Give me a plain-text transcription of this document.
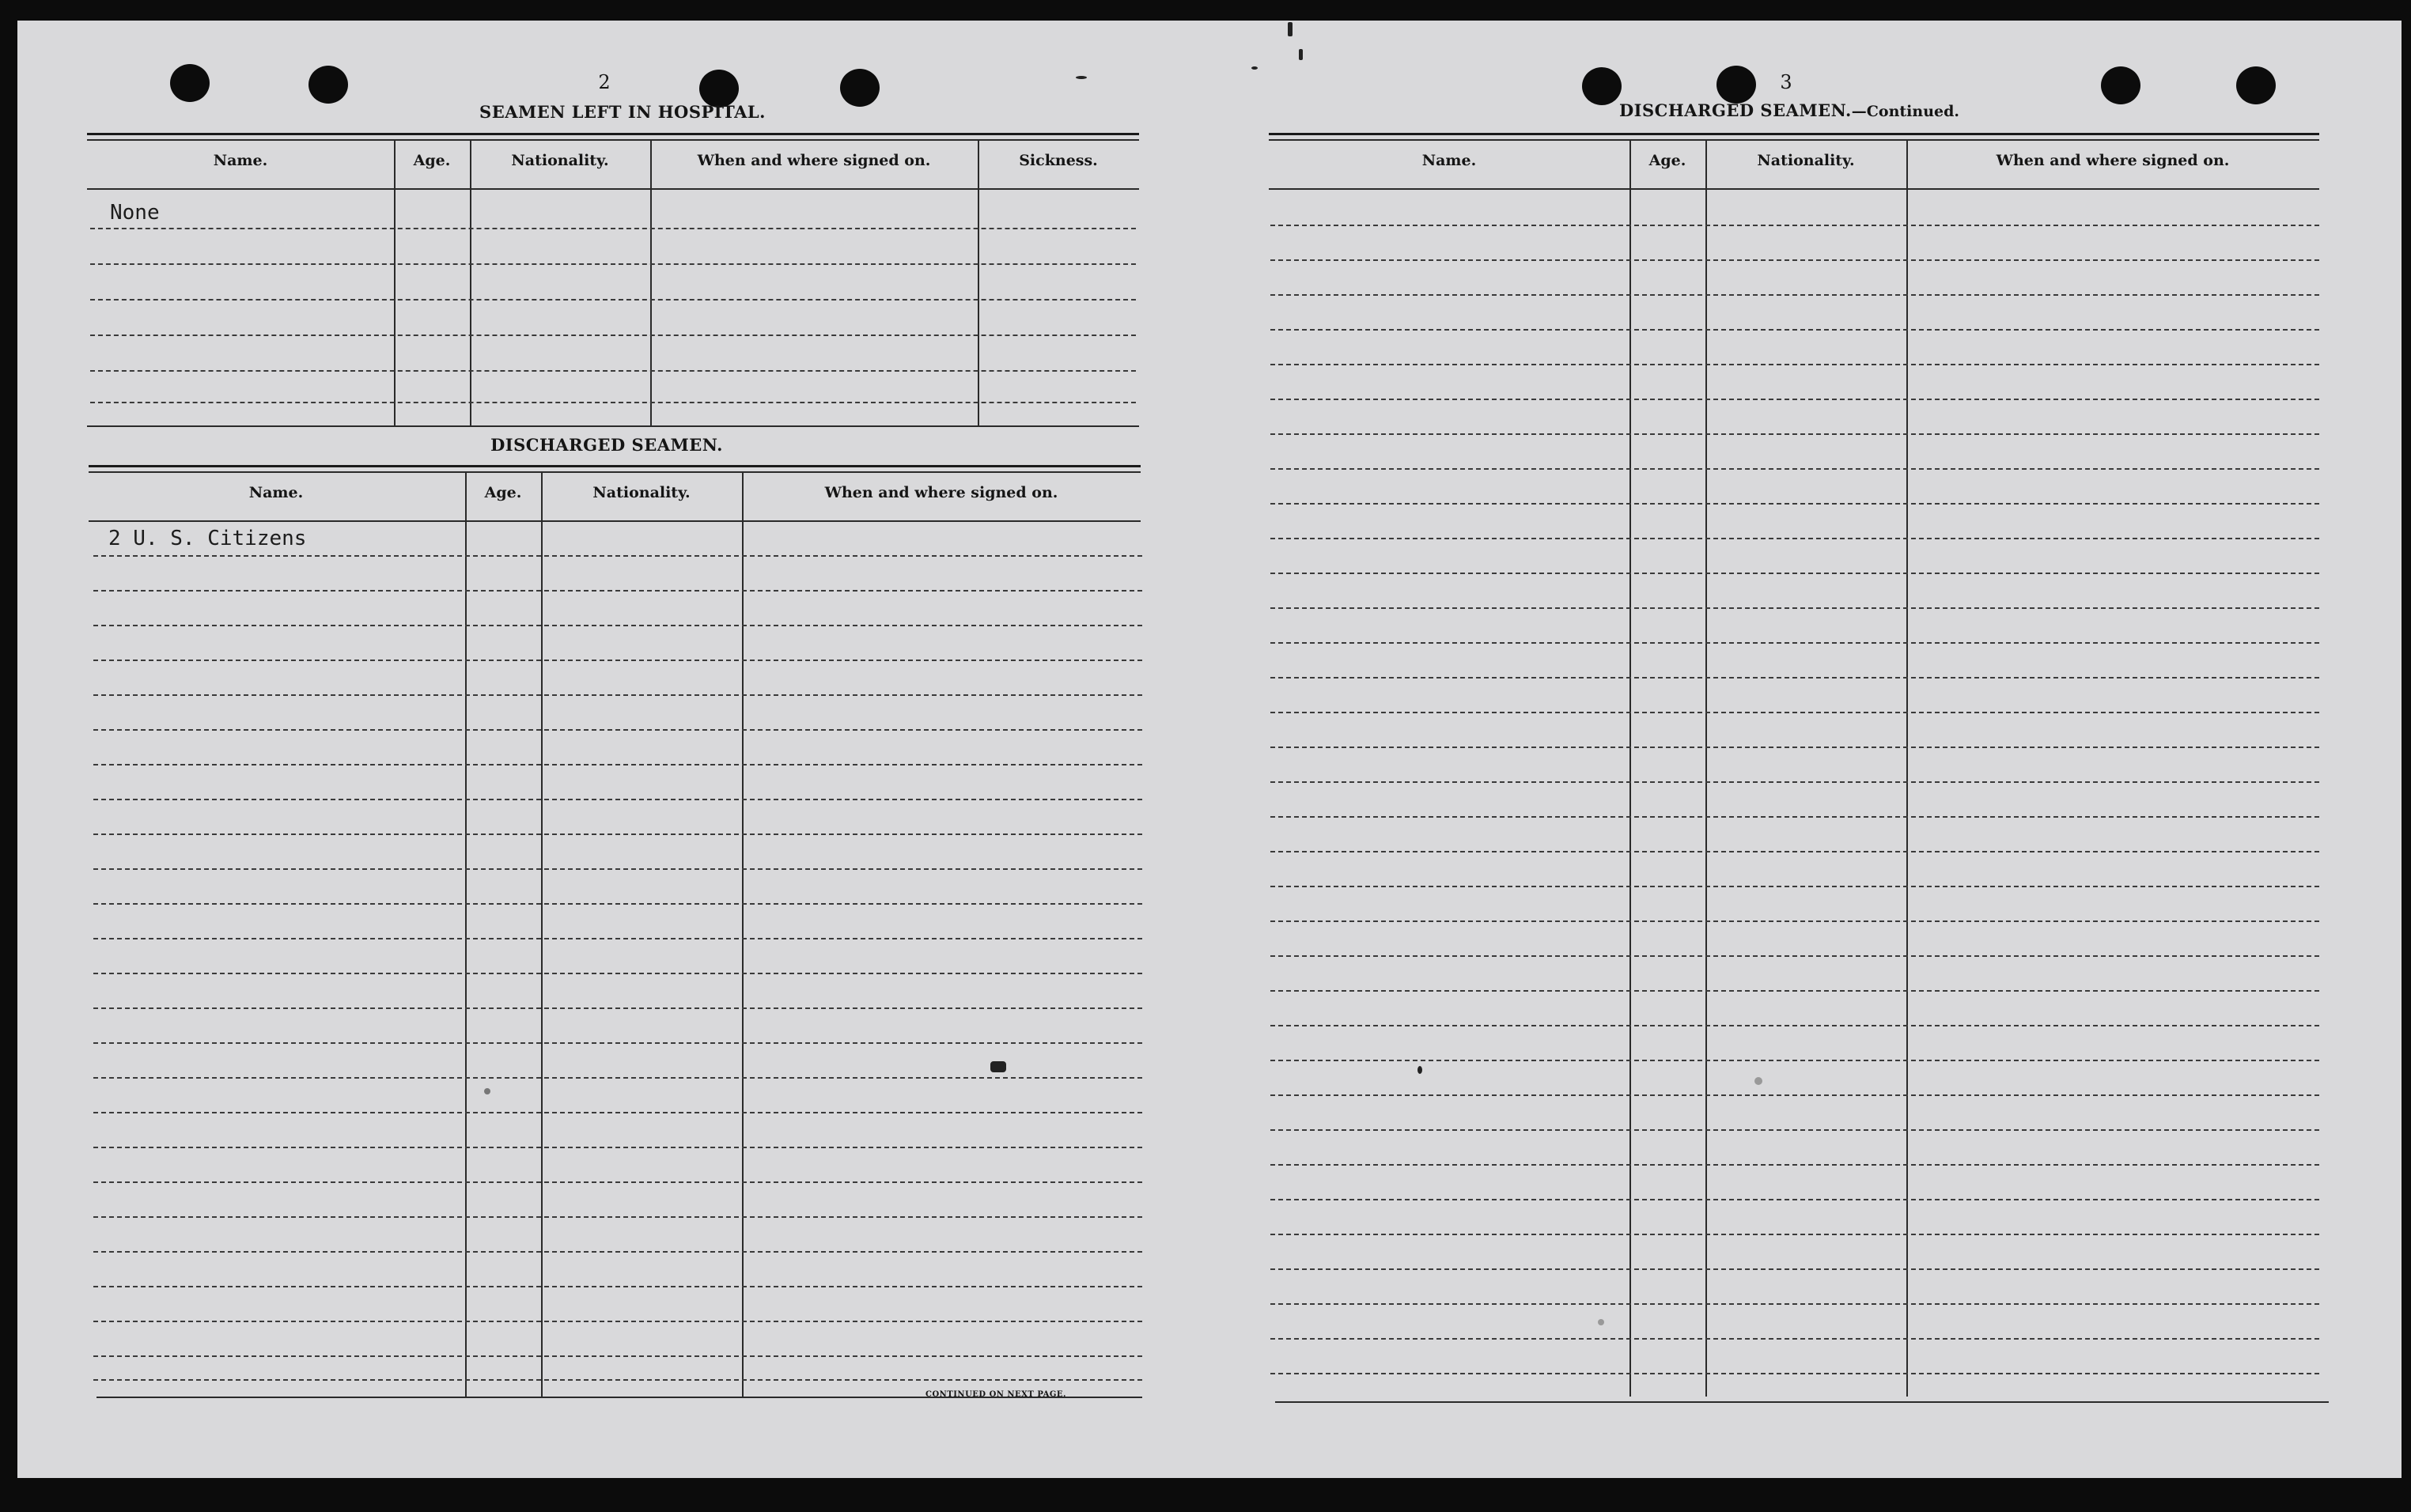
2
SEAMEN LEFT IN HOSPITAL.
Name.	Age.	Nationality.	When and where signed on.	Sickness.
None
DISCHARGED SEAMEN.
Name.	Age.	Nationality.	When and where signed on.
2 U. S. Citizens
CONTINUED ON NEXT PAGE.
3
DISCHARGED SEAMEN.—Continued.
Name.	Age.	Nationality.	When and where signed on.
